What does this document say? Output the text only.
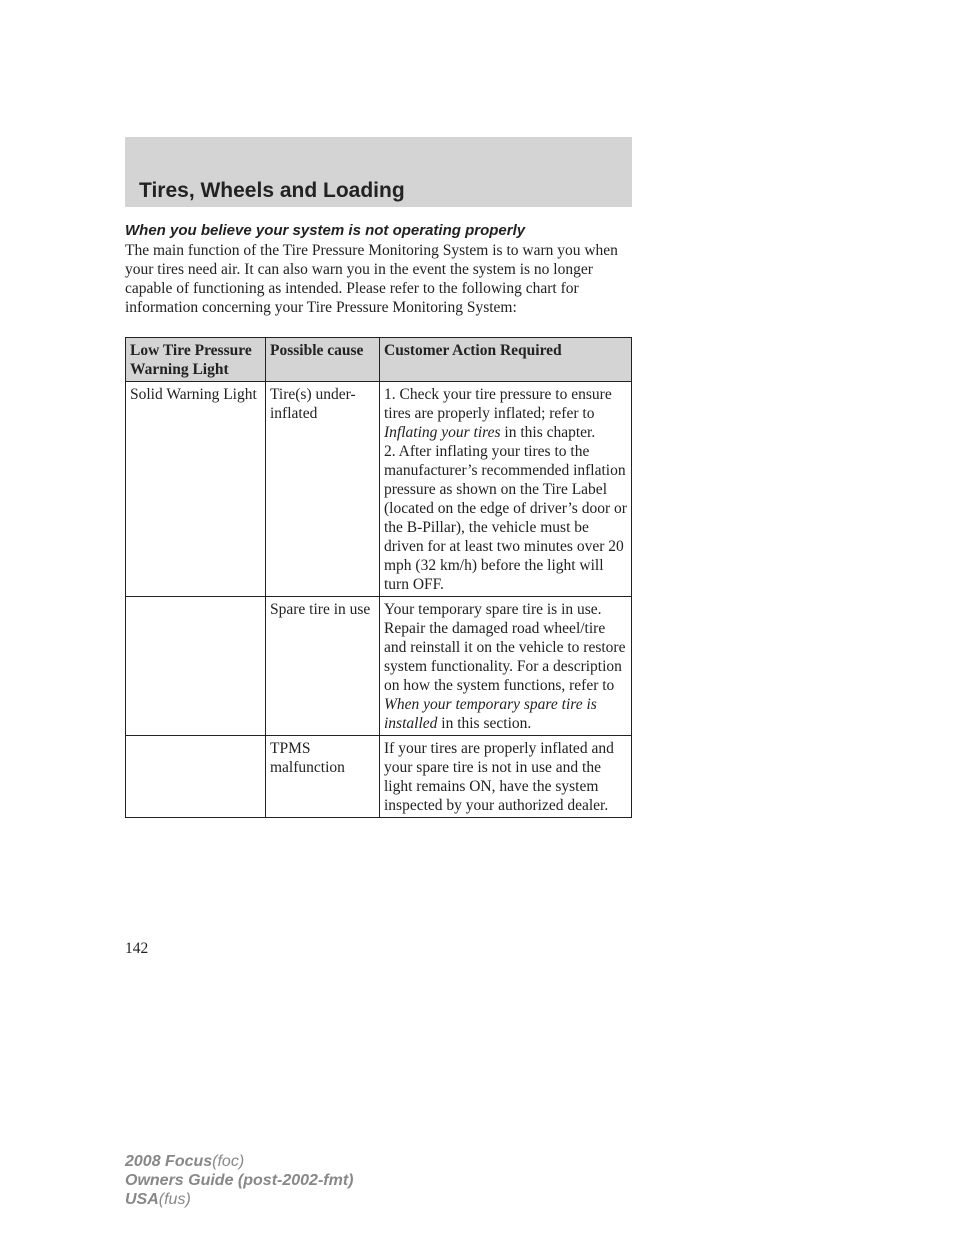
Tires, Wheels and Loading
When you believe your system is not operating properly
The main function of the Tire Pressure Monitoring System is to warn you when your tires need air. It can also warn you in the event the system is no longer capable of functioning as intended. Please refer to the following chart for information concerning your Tire Pressure Monitoring System:
Low Tire Pressure Warning Light	Possible cause	Customer Action Required
Solid Warning Light	Tire(s) under-inflated	1. Check your tire pressure to ensure tires are properly inflated; refer to Inflating your tires in this chapter.
2. After inflating your tires to the manufacturer’s recommended inflation pressure as shown on the Tire Label (located on the edge of driver’s door or the B-Pillar), the vehicle must be driven for at least two minutes over 20 mph (32 km/h) before the light will turn OFF.
	Spare tire in use	Your temporary spare tire is in use. Repair the damaged road wheel/tire and reinstall it on the vehicle to restore system functionality. For a description on how the system functions, refer to When your temporary spare tire is installed in this section.
	TPMS malfunction	If your tires are properly inflated and your spare tire is not in use and the light remains ON, have the system inspected by your authorized dealer.
142
2008 Focus(foc)
Owners Guide (post-2002-fmt)
USA(fus)
